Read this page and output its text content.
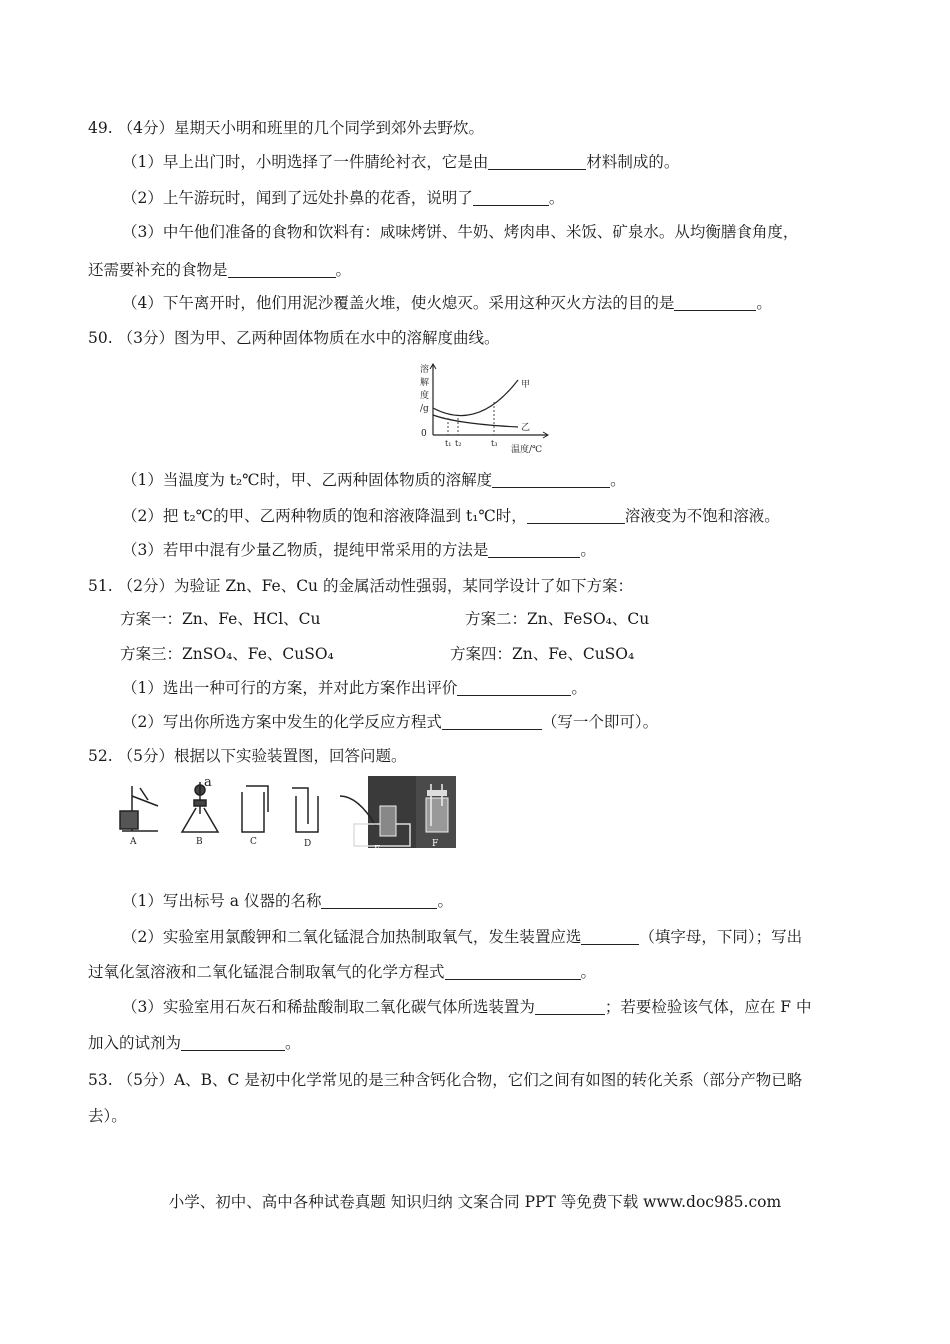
49. （4分）星期天小明和班里的几个同学到郊外去野炊。
（1）早上出门时，小明选择了一件腈纶衬衣，它是由	材料制成的。
（2）上午游玩时，闻到了远处扑鼻的花香，说明了	。
（3）中午他们准备的食物和饮料有：咸味烤饼、牛奶、烤肉串、米饭、矿泉水。从均衡膳食角度，
还需要补充的食物是	。
（4）下午离开时，他们用泥沙覆盖火堆，使火熄灭。采用这种灭火方法的目的是	。
50. （3分）图为甲、乙两种固体物质在水中的溶解度曲线。
溶
解
度
/g
0
甲
乙
温度/℃
t₁ t₂	t₃
（1）当温度为 t₂℃时，甲、乙两种固体物质的溶解度	。
（2）把 t₂℃的甲、乙两种物质的饱和溶液降温到 t₁℃时，	溶液变为不饱和溶液。
（3）若甲中混有少量乙物质，提纯甲常采用的方法是	。
51. （2分）为验证 Zn、Fe、Cu 的金属活动性强弱，某同学设计了如下方案：
方案一：Zn、Fe、HCl、Cu	方案二：Zn、FeSO₄、Cu
方案三：ZnSO₄、Fe、CuSO₄	方案四：Zn、Fe、CuSO₄
（1）选出一种可行的方案，并对此方案作出评价	。
（2）写出你所选方案中发生的化学反应方程式	（写一个即可）。
52. （5分）根据以下实验装置图，回答问题。
a
A	B	C	D
E
F
（1）写出标号 a 仪器的名称	。
（2）实验室用氯酸钾和二氧化锰混合加热制取氧气，发生装置应选	（填字母，下同）；写出
过氧化氢溶液和二氧化锰混合制取氧气的化学方程式	。
（3）实验室用石灰石和稀盐酸制取二氧化碳气体所选装置为	；若要检验该气体，应在 F 中
加入的试剂为	。
53. （5分）A、B、C 是初中化学常见的是三种含钙化合物，它们之间有如图的转化关系（部分产物已略
去）。
小学、初中、高中各种试卷真题 知识归纳 文案合同 PPT 等免费下载 www.doc985.com
